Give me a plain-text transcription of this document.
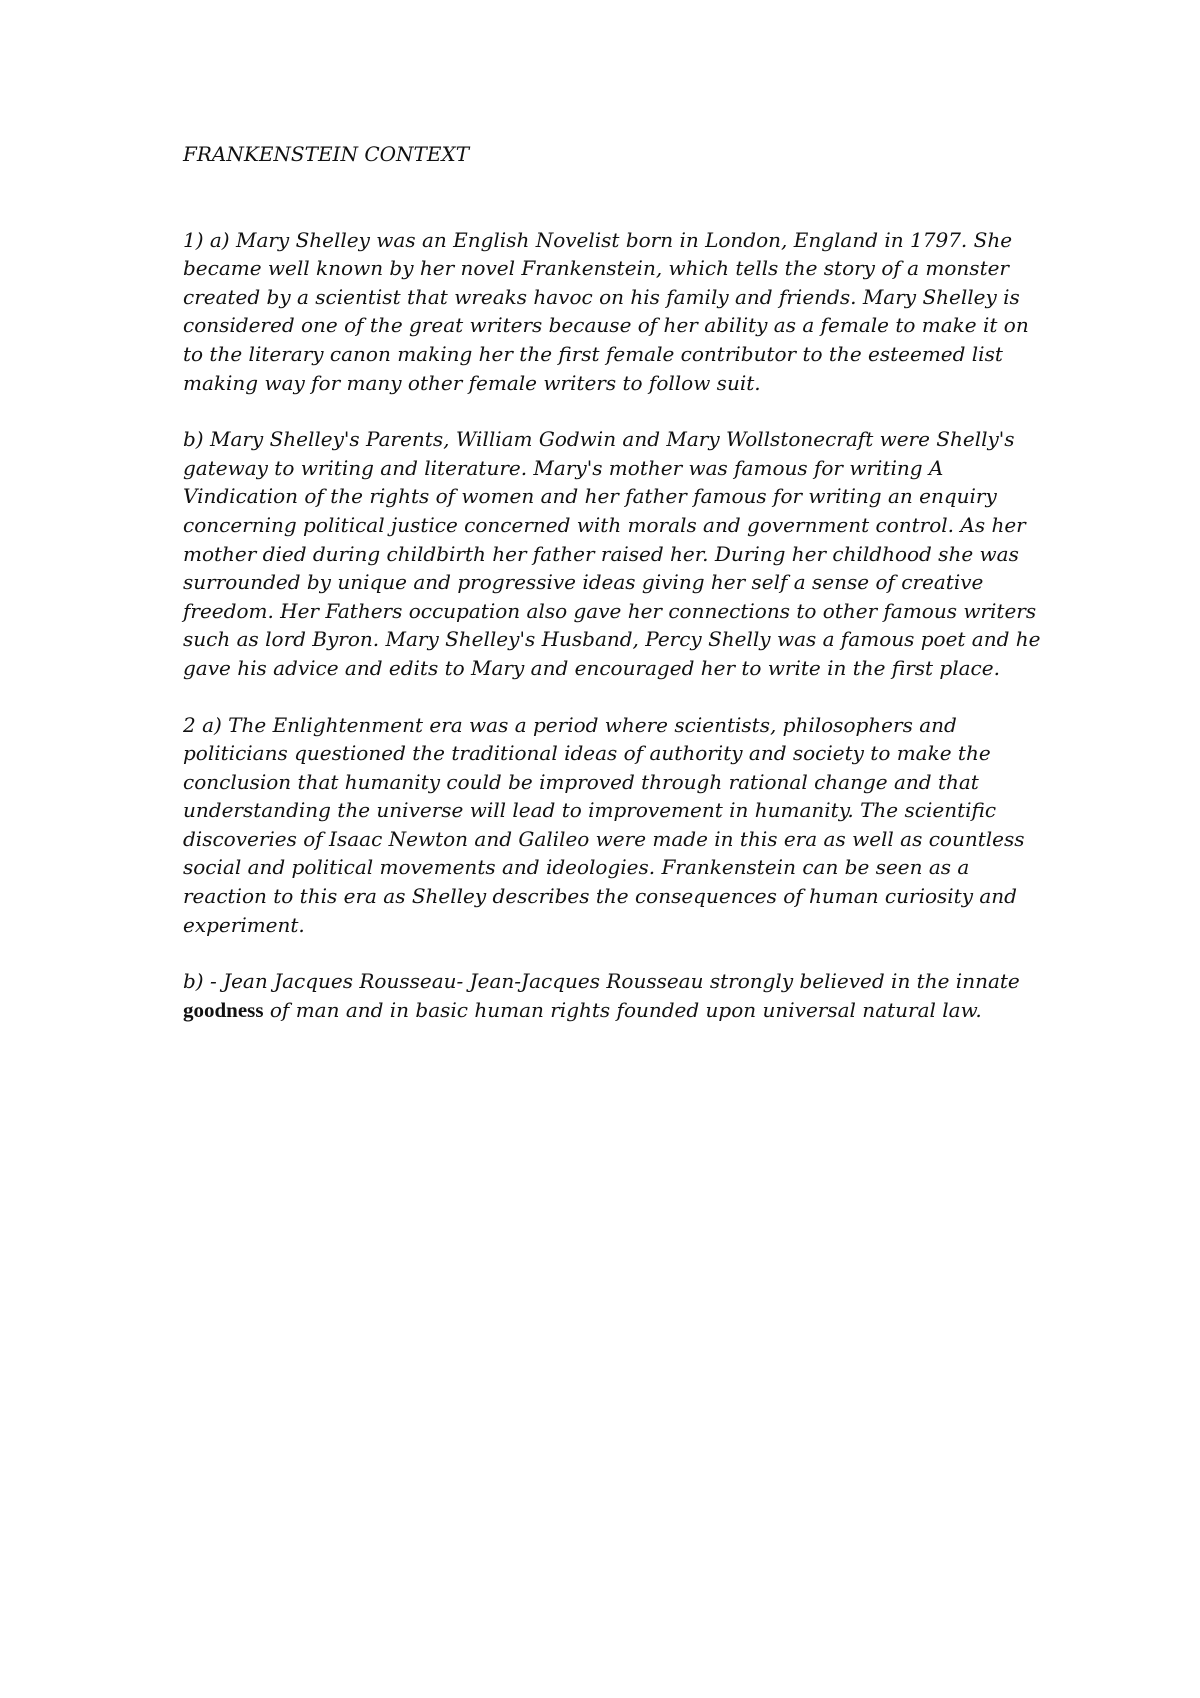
FRANKENSTEIN CONTEXT

1) a) Mary Shelley was an English Novelist born in London, England in 1797. She became well known by her novel Frankenstein, which tells the story of a monster created by a scientist that wreaks havoc on his family and friends. Mary Shelley is considered one of the great writers because of her ability as a female to make it on to the literary canon making her the first female contributor to the esteemed list making way for many other female writers to follow suit.

b) Mary Shelley's Parents, William Godwin and Mary Wollstonecraft were Shelly's gateway to writing and literature. Mary's mother was famous for writing A Vindication of the rights of women and her father famous for writing an enquiry concerning political justice concerned with morals and government control. As her mother died during childbirth her father raised her. During her childhood she was surrounded by unique and progressive ideas giving her self a sense of creative freedom. Her Fathers occupation also gave her connections to other famous writers such as lord Byron. Mary Shelley's Husband, Percy Shelly was a famous poet and he gave his advice and edits to Mary and encouraged her to write in the first place.

2 a) The Enlightenment era was a period where scientists, philosophers and politicians questioned the traditional ideas of authority and society to make the conclusion that humanity could be improved through rational change and that understanding the universe will lead to improvement in humanity. The scientific discoveries of Isaac Newton and Galileo were made in this era as well as countless social and political movements and ideologies. Frankenstein can be seen as a reaction to this era as Shelley describes the consequences of human curiosity and experiment.

b) - Jean Jacques Rousseau- Jean-Jacques Rousseau strongly believed in the innate goodness of man and in basic human rights founded upon universal natural law.
